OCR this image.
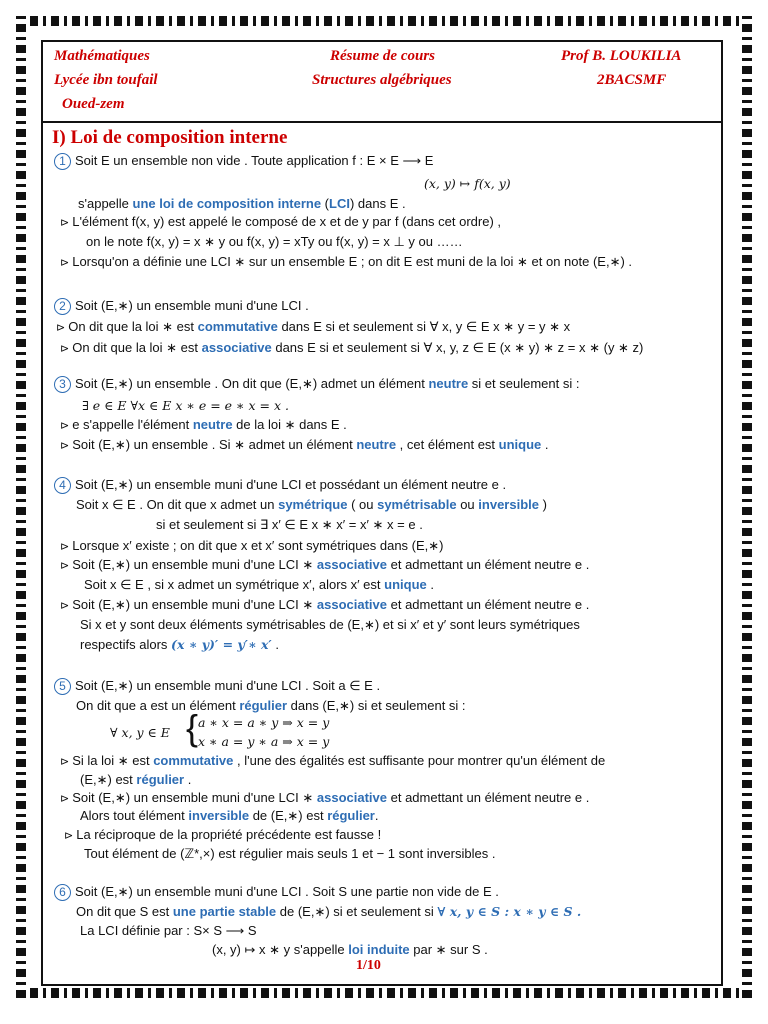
Mathématiques
Lycée ibn toufail
Oued-zem
Résume de cours
Structures algébriques
Prof B. LOUKILIA
2BACSMF
I) Loi de composition interne
1 Soit E un ensemble non vide . Toute application f : E × E ⟶ E
(x, y) ↦ f(x, y)
s'appelle une loi de composition interne (LCI) dans E .
⊳ L'élément f(x, y) est appelé le composé de x et de y par f (dans cet ordre) ,
on le note f(x, y) = x ∗ y ou f(x, y) = xTy ou f(x, y) = x ⊥ y ou ……
⊳ Lorsqu'on a définie une LCI ∗ sur un ensemble E ; on dit E est muni de la loi ∗ et on note (E,∗) .
2 Soit (E,∗) un ensemble muni d'une LCI .
⊳ On dit que la loi ∗ est commutative dans E si et seulement si ∀ x, y ∈ E x ∗ y = y ∗ x
⊳ On dit que la loi ∗ est associative dans E si et seulement si ∀ x, y, z ∈ E (x ∗ y) ∗ z = x ∗ (y ∗ z)
3 Soit (E,∗) un ensemble . On dit que (E,∗) admet un élément neutre si et seulement si :
∃ e ∈ E ∀x ∈ E x ∗ e = e ∗ x = x .
⊳ e s'appelle l'élément neutre de la loi ∗ dans E .
⊳ Soit (E,∗) un ensemble . Si ∗ admet un élément neutre , cet élément est unique .
4 Soit (E,∗) un ensemble muni d'une LCI et possédant un élément neutre e .
Soit x ∈ E . On dit que x admet un symétrique ( ou symétrisable ou inversible )
si et seulement si ∃ x′ ∈ E x ∗ x′ = x′ ∗ x = e .
⊳ Lorsque x′ existe ; on dit que x et x′ sont symétriques dans (E,∗)
⊳ Soit (E,∗) un ensemble muni d'une LCI ∗ associative et admettant un élément neutre e .
Soit x ∈ E , si x admet un symétrique x′, alors x′ est unique .
⊳ Soit (E,∗) un ensemble muni d'une LCI ∗ associative et admettant un élément neutre e .
Si x et y sont deux éléments symétrisables de (E,∗) et si x′ et y′ sont leurs symétriques
respectifs alors (x ∗ y)′ = y′∗ x′ .
5 Soit (E,∗) un ensemble muni d'une LCI . Soit a ∈ E .
On dit que a est un élément régulier dans (E,∗) si et seulement si :
∀ x, y ∈ E { a ∗ x = a ∗ y ⇒ x = y
x ∗ a = y ∗ a ⇒ x = y
⊳ Si la loi ∗ est commutative , l'une des égalités est suffisante pour montrer qu'un élément de
(E,∗) est régulier .
⊳ Soit (E,∗) un ensemble muni d'une LCI ∗ associative et admettant un élément neutre e .
Alors tout élément inversible de (E,∗) est régulier.
⊳ La réciproque de la propriété précédente est fausse !
Tout élément de (ℤ*,×) est régulier mais seuls 1 et − 1 sont inversibles .
6 Soit (E,∗) un ensemble muni d'une LCI . Soit S une partie non vide de E .
On dit que S est une partie stable de (E,∗) si et seulement si ∀ x, y ∈ S : x ∗ y ∈ S .
La LCI définie par : S× S ⟶ S
(x, y) ↦ x ∗ y s'appelle loi induite par ∗ sur S .
1/10
